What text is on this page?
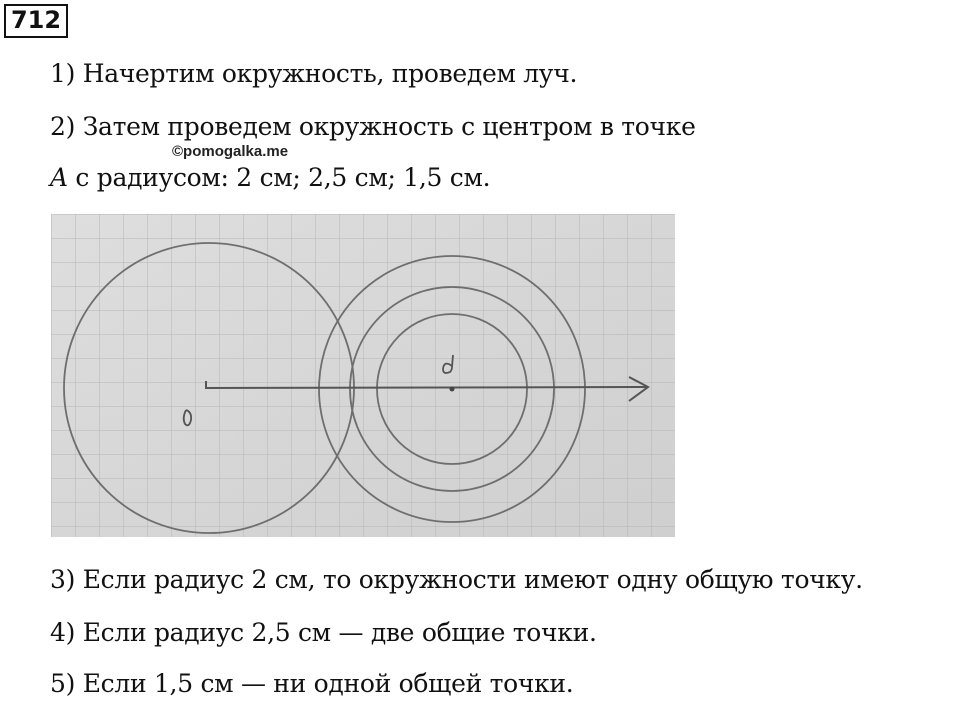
712
1) Начертим окружность, проведем луч.
2) Затем проведем окружность с центром в точке
A с радиусом: 2 см; 2,5 см; 1,5 см.
©pomogalka.me
3) Если радиус 2 см, то окружности имеют одну общую точку.
4) Если радиус 2,5 см — две общие точки.
5) Если 1,5 см — ни одной общей точки.
